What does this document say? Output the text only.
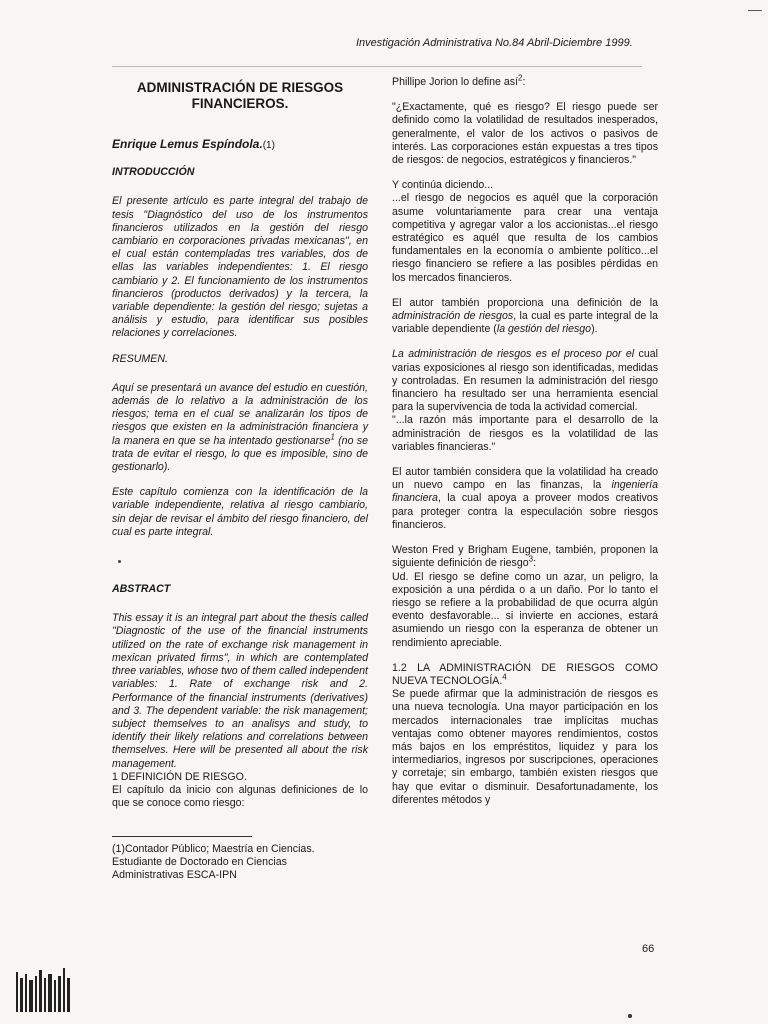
Investigación Administrativa No.84 Abril-Diciembre 1999.
ADMINISTRACIÓN DE RIESGOS FINANCIEROS.
Enrique Lemus Espíndola.(1)
INTRODUCCIÓN

El presente artículo es parte integral del trabajo de tesis "Diagnóstico del uso de los instrumentos financieros utilizados en la gestión del riesgo cambiario en corporaciones privadas mexicanas", en el cual están contempladas tres variables, dos de ellas las variables independientes: 1. El riesgo cambiario y 2. El funcionamiento de los instrumentos financieros (productos derivados) y la tercera, la variable dependiente: la gestión del riesgo; sujetas a análisis y estudio, para identificar sus posibles relaciones y correlaciones.

RESUMEN.

Aquí se presentará un avance del estudio en cuestión, además de lo relativo a la administración de los riesgos; tema en el cual se analizarán los tipos de riesgos que existen en la administración financiera y la manera en que se ha intentado gestionarse$^1$ (no se trata de evitar el riesgo, lo que es imposible, sino de gestionarlo).

Este capítulo comienza con la identificación de la variable independiente, relativa al riesgo cambiario, sin dejar de revisar el ámbito del riesgo financiero, del cual es parte integral.

ABSTRACT

This essay it is an integral part about the thesis called "Diagnostic of the use of the financial instruments utilized on the rate of exchange risk management in mexican privated firms", in which are contemplated three variables, whose two of them called independent variables: 1. Rate of exchange risk and 2. Performance of the financial instruments (derivatives) and 3. The dependent variable: the risk management; subject themselves to an analisys and study, to identify their likely relations and correlations between themselves. Here will be presented all about the risk management.

1 DEFINICIÓN DE RIESGO.

El capítulo da inicio con algunas definiciones de lo que se conoce como riesgo:

(1)Contador Público; Maestría en Ciencias.

Estudiante de Doctorado en Ciencias

Administrativas ESCA-IPN

Phillipe Jorion lo define así$^2$:

"¿Exactamente, qué es riesgo? El riesgo puede ser definido como la volatilidad de resultados inesperados, generalmente, el valor de los activos o pasivos de interés. Las corporaciones están expuestas a tres tipos de riesgos: de negocios, estratégicos y financieros."

Y continúa diciendo...

...el riesgo de negocios es aquél que la corporación asume voluntariamente para crear una ventaja competitiva y agregar valor a los accionistas...el riesgo estratégico es aquél que resulta de los cambios fundamentales en la economía o ambiente político...el riesgo financiero se refiere a las posibles pérdidas en los mercados financieros.

El autor también proporciona una definición de la administración de riesgos, la cual es parte integral de la variable dependiente (la gestión del riesgo).

La administración de riesgos es el proceso por el cual varias exposiciones al riesgo son identificadas, medidas y controladas. En resumen la administración del riesgo financiero ha resultado ser una herramienta esencial para la supervivencia de toda la actividad comercial.

"...la razón más importante para el desarrollo de la administración de riesgos es la volatilidad de las variables financieras."

El autor también considera que la volatilidad ha creado un nuevo campo en las finanzas, la ingeniería financiera, la cual apoya a proveer modos creativos para proteger contra la especulación sobre riesgos financieros.

Weston Fred y Brigham Eugene, también, proponen la siguiente definición de riesgo$^3$:

Ud. El riesgo se define como un azar, un peligro, la exposición a una pérdida o a un daño. Por lo tanto el riesgo se refiere a la probabilidad de que ocurra algún evento desfavorable... si invierte en acciones, estará asumiendo un riesgo con la esperanza de obtener un rendimiento apreciable.

1.2 LA ADMINISTRACIÓN DE RIESGOS COMO NUEVA TECNOLOGÍA.$^4$

Se puede afirmar que la administración de riesgos es una nueva tecnología. Una mayor participación en los mercados internacionales trae implícitas muchas ventajas como obtener mayores rendimientos, costos más bajos en los empréstitos, liquidez y para los intermediarios, ingresos por suscripciones, operaciones y corretaje; sin embargo, también existen riesgos que hay que evitar o disminuir. Desafortunadamente, los diferentes métodos y

66
